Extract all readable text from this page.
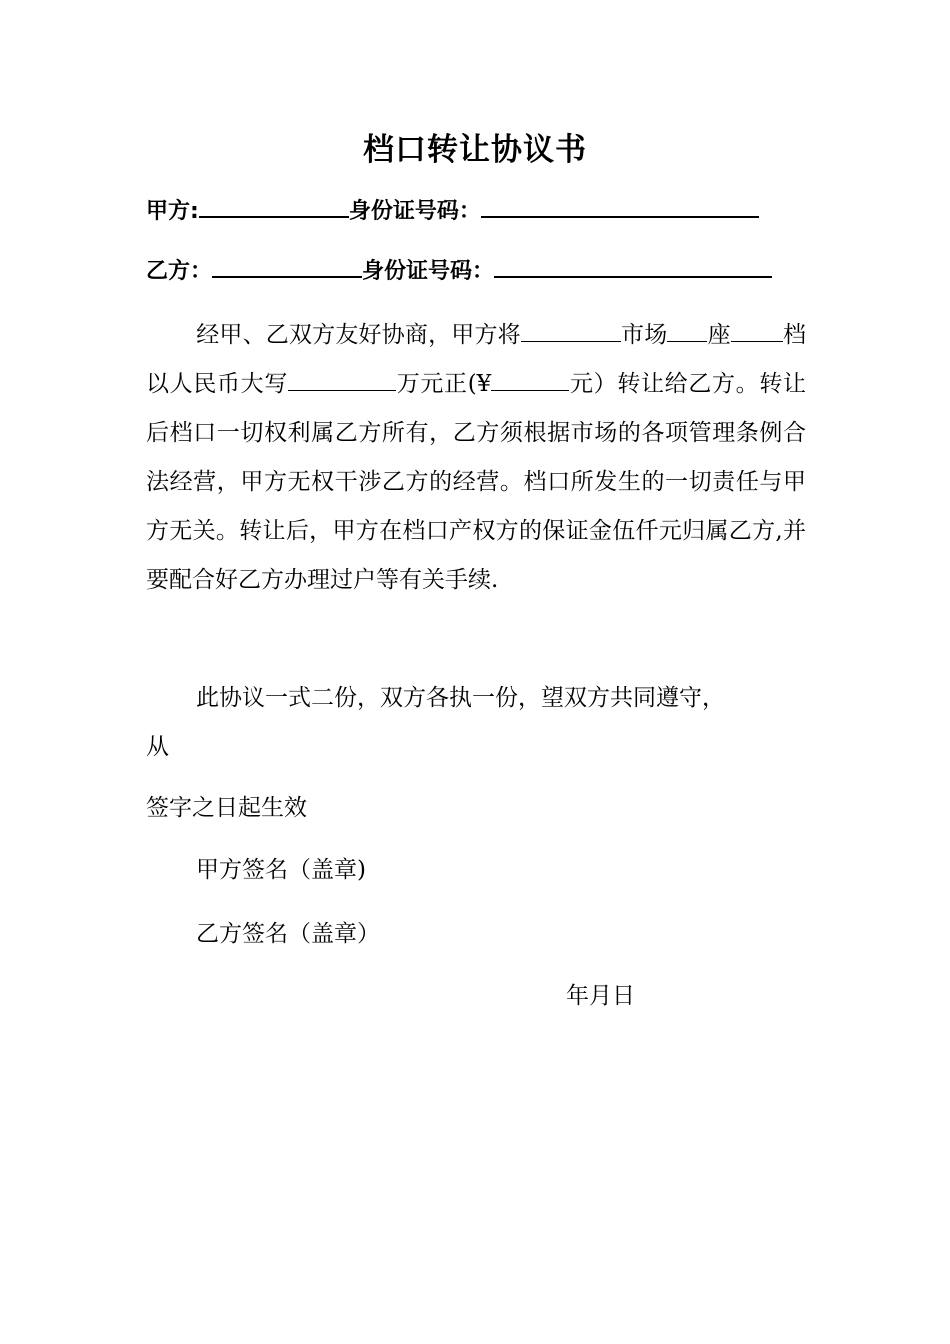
档口转让协议书
甲方:	身份证号码：
乙方：	身份证号码：
经甲、乙双方友好协商，甲方将	市场 座 档以人民币大写	万元正(¥	元）转让给乙方。转让后档口一切权利属乙方所有，乙方须根据市场的各项管理条例合法经营，甲方无权干涉乙方的经营。档口所发生的一切责任与甲方无关。转让后，甲方在档口产权方的保证金伍仟元归属乙方,并要配合好乙方办理过户等有关手续.
此协议一式二份，双方各执一份，望双方共同遵守，
从
签字之日起生效
甲方签名（盖章)
乙方签名（盖章）
年月日
